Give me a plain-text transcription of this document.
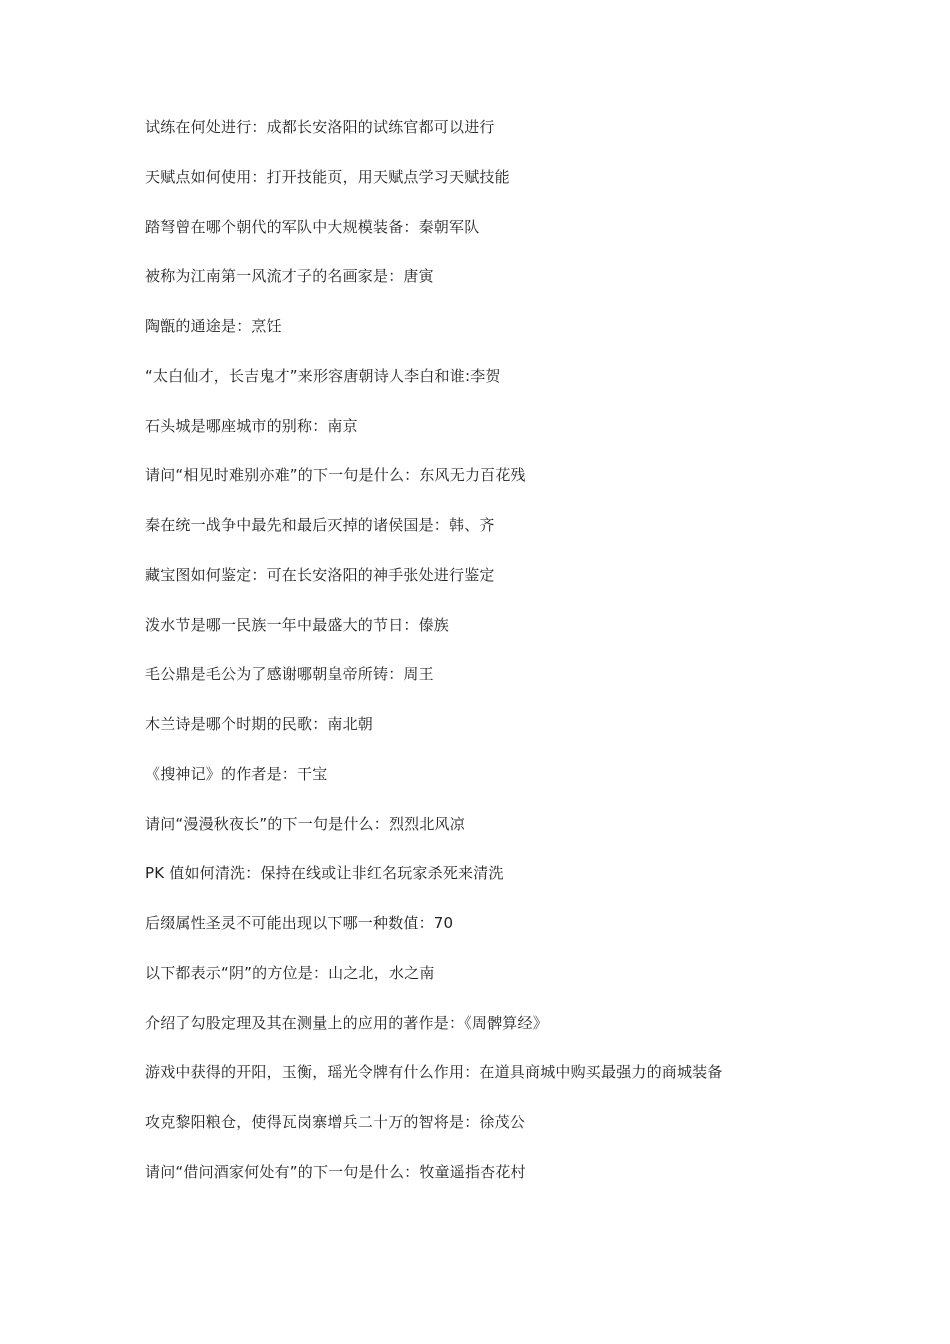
试练在何处进行：成都长安洛阳的试练官都可以进行
天赋点如何使用：打开技能页，用天赋点学习天赋技能
踏弩曾在哪个朝代的军队中大规模装备：秦朝军队
被称为江南第一风流才子的名画家是：唐寅
陶甑的通途是：烹饪
“太白仙才，长吉鬼才”来形容唐朝诗人李白和谁:李贺
石头城是哪座城市的别称：南京
请问“相见时难别亦难”的下一句是什么：东风无力百花残
秦在统一战争中最先和最后灭掉的诸侯国是：韩、齐
藏宝图如何鉴定：可在长安洛阳的神手张处进行鉴定
泼水节是哪一民族一年中最盛大的节日：傣族
毛公鼎是毛公为了感谢哪朝皇帝所铸：周王
木兰诗是哪个时期的民歌：南北朝
《搜神记》的作者是：干宝
请问“漫漫秋夜长”的下一句是什么：烈烈北风凉
PK 值如何清洗：保持在线或让非红名玩家杀死来清洗
后缀属性圣灵不可能出现以下哪一种数值：70
以下都表示“阴”的方位是：山之北，水之南
介绍了勾股定理及其在测量上的应用的著作是：《周髀算经》
游戏中获得的开阳，玉衡，瑶光令牌有什么作用：在道具商城中购买最强力的商城装备
攻克黎阳粮仓，使得瓦岗寨增兵二十万的智将是：徐茂公
请问“借问酒家何处有”的下一句是什么：牧童遥指杏花村
